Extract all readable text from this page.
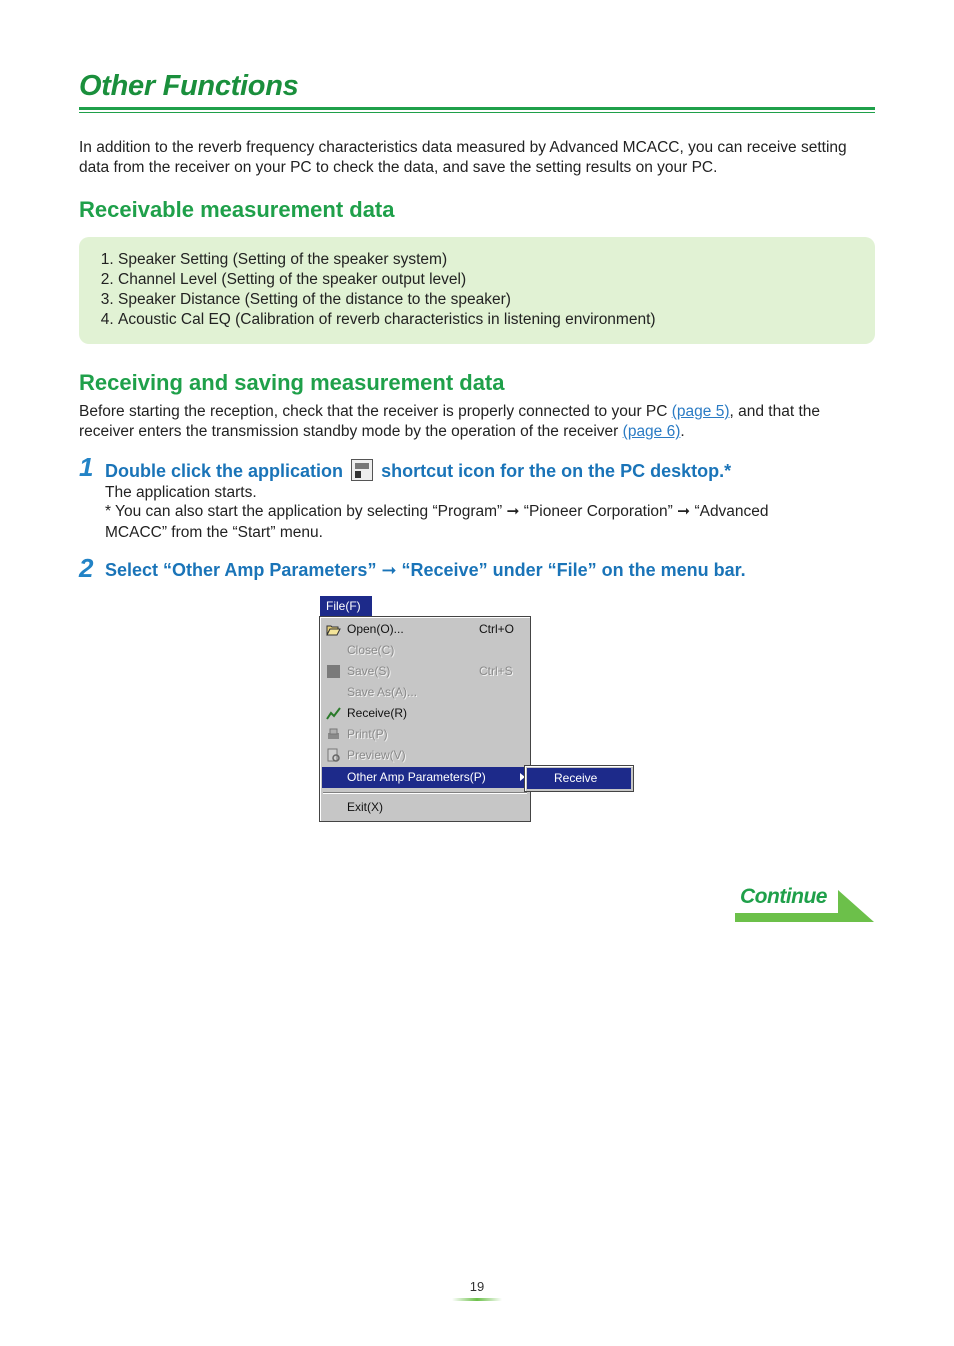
Other Functions
In addition to the reverb frequency characteristics data measured by Advanced MCACC, you can receive setting data from the receiver on your PC to check the data, and save the setting results on your PC.
Receivable measurement data
1. Speaker Setting (Setting of the speaker system)
2. Channel Level (Setting of the speaker output level)
3. Speaker Distance (Setting of the distance to the speaker)
4. Acoustic Cal EQ (Calibration of reverb characteristics in listening environment)
Receiving and saving measurement data
Before starting the reception, check that the receiver is properly connected to your PC (page 5), and that the receiver enters the transmission standby mode by the operation of the receiver (page 6).
1 Double click the application shortcut icon for the on the PC desktop.*
The application starts.
* You can also start the application by selecting “Program” ➞ “Pioneer Corporation” ➞ “Advanced
MCACC” from the “Start” menu.
2 Select “Other Amp Parameters” ➞ “Receive” under “File” on the menu bar.
File(F)
Open(O)...	Ctrl+O
Close(C)
Save(S)	Ctrl+S
Save As(A)...
Receive(R)
Print(P)
Preview(V)
Other Amp Parameters(P)
Exit(X)
Receive
Continue
19
